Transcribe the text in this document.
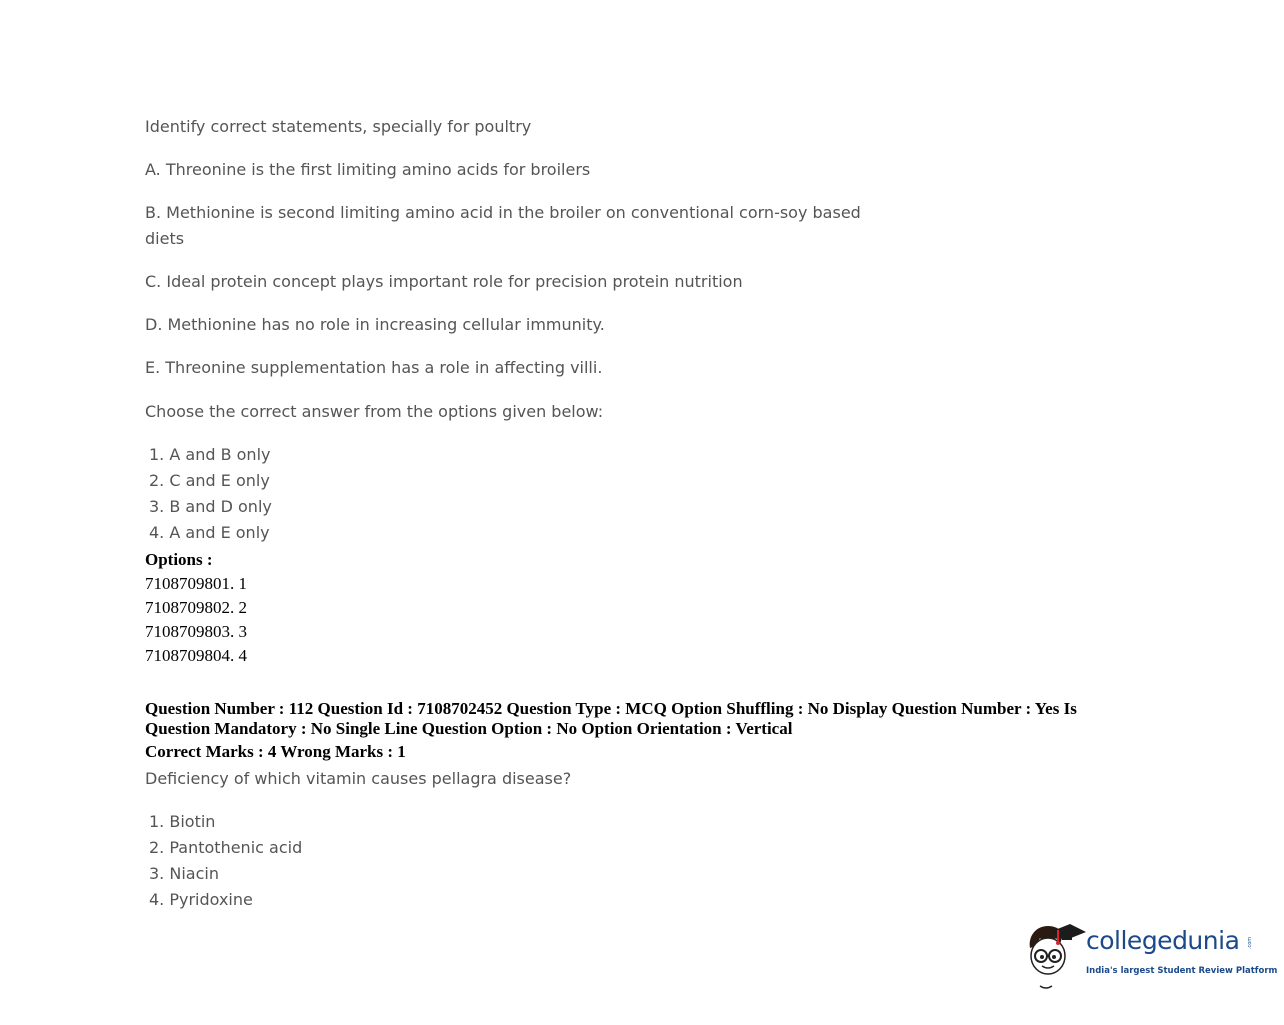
Identify correct statements, specially for poultry
A. Threonine is the first limiting amino acids for broilers
B. Methionine is second limiting amino acid in the broiler on conventional corn-soy based
diets
C. Ideal protein concept plays important role for precision protein nutrition
D. Methionine has no role in increasing cellular immunity.
E. Threonine supplementation has a role in affecting villi.
Choose the correct answer from the options given below:
1. A and B only
2. C and E only
3. B and D only
4. A and E only
Options :
7108709801. 1
7108709802. 2
7108709803. 3
7108709804. 4
Question Number : 112 Question Id : 7108702452 Question Type : MCQ Option Shuffling : No Display Question Number : Yes Is
Question Mandatory : No Single Line Question Option : No Option Orientation : Vertical
Correct Marks : 4 Wrong Marks : 1
Deficiency of which vitamin causes pellagra disease?
1. Biotin
2. Pantothenic acid
3. Niacin
4. Pyridoxine
collegedunia .com
India's largest Student Review Platform
